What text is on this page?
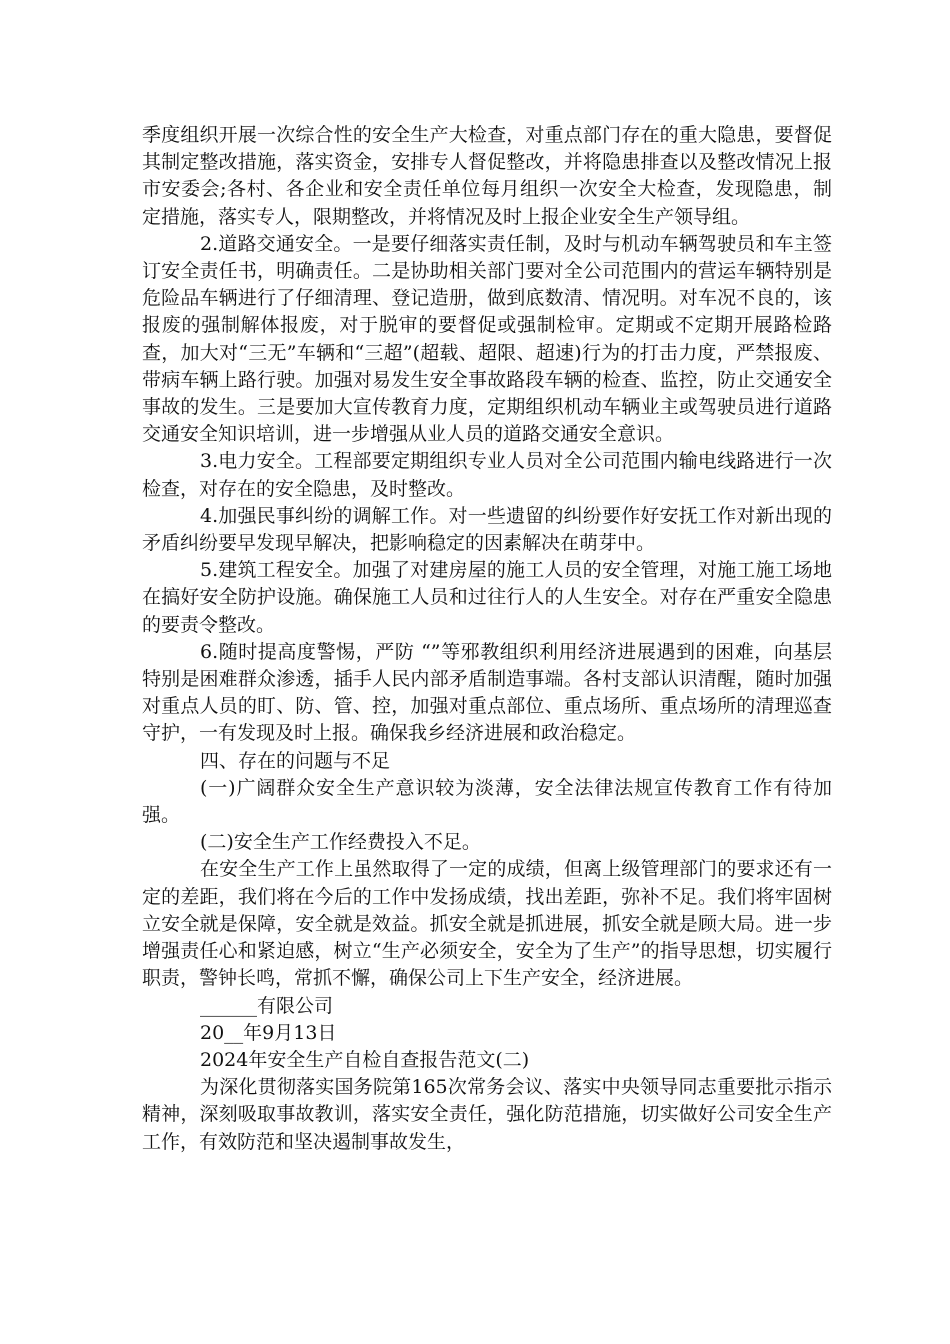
季度组织开展一次综合性的安全生产大检查，对重点部门存在的重大隐患，要督促其制定整改措施，落实资金，安排专人督促整改，并将隐患排查以及整改情况上报市安委会;各村、各企业和安全责任单位每月组织一次安全大检查，发现隐患，制定措施，落实专人，限期整改，并将情况及时上报企业安全生产领导组。

2.道路交通安全。一是要仔细落实责任制，及时与机动车辆驾驶员和车主签订安全责任书，明确责任。二是协助相关部门要对全公司范围内的营运车辆特别是危险品车辆进行了仔细清理、登记造册，做到底数清、情况明。对车况不良的，该报废的强制解体报废，对于脱审的要督促或强制检审。定期或不定期开展路检路查，加大对“三无”车辆和“三超”(超载、超限、超速)行为的打击力度，严禁报废、带病车辆上路行驶。加强对易发生安全事故路段车辆的检查、监控，防止交通安全事故的发生。三是要加大宣传教育力度，定期组织机动车辆业主或驾驶员进行道路交通安全知识培训，进一步增强从业人员的道路交通安全意识。

3.电力安全。工程部要定期组织专业人员对全公司范围内输电线路进行一次检查，对存在的安全隐患，及时整改。

4.加强民事纠纷的调解工作。对一些遗留的纠纷要作好安抚工作对新出现的矛盾纠纷要早发现早解决，把影响稳定的因素解决在萌芽中。

5.建筑工程安全。加强了对建房屋的施工人员的安全管理，对施工施工场地在搞好安全防护设施。确保施工人员和过往行人的人生安全。对存在严重安全隐患的要责令整改。

6.随时提高度警惕，严防 “”等邪教组织利用经济进展遇到的困难，向基层特别是困难群众渗透，插手人民内部矛盾制造事端。各村支部认识清醒，随时加强对重点人员的盯、防、管、控，加强对重点部位、重点场所、重点场所的清理巡查守护，一有发现及时上报。确保我乡经济进展和政治稳定。

四、存在的问题与不足

(一)广阔群众安全生产意识较为淡薄，安全法律法规宣传教育工作有待加强。

(二)安全生产工作经费投入不足。

在安全生产工作上虽然取得了一定的成绩，但离上级管理部门的要求还有一定的差距，我们将在今后的工作中发扬成绩，找出差距，弥补不足。我们将牢固树立安全就是保障，安全就是效益。抓安全就是抓进展，抓安全就是顾大局。进一步增强责任心和紧迫感，树立“生产必须安全，安全为了生产”的指导思想，切实履行职责，警钟长鸣，常抓不懈，确保公司上下生产安全，经济进展。

______有限公司

20__年9月13日

2024年安全生产自检自查报告范文(二)

为深化贯彻落实国务院第165次常务会议、落实中央领导同志重要批示指示精神，深刻吸取事故教训，落实安全责任，强化防范措施，切实做好公司安全生产工作，有效防范和坚决遏制事故发生，
